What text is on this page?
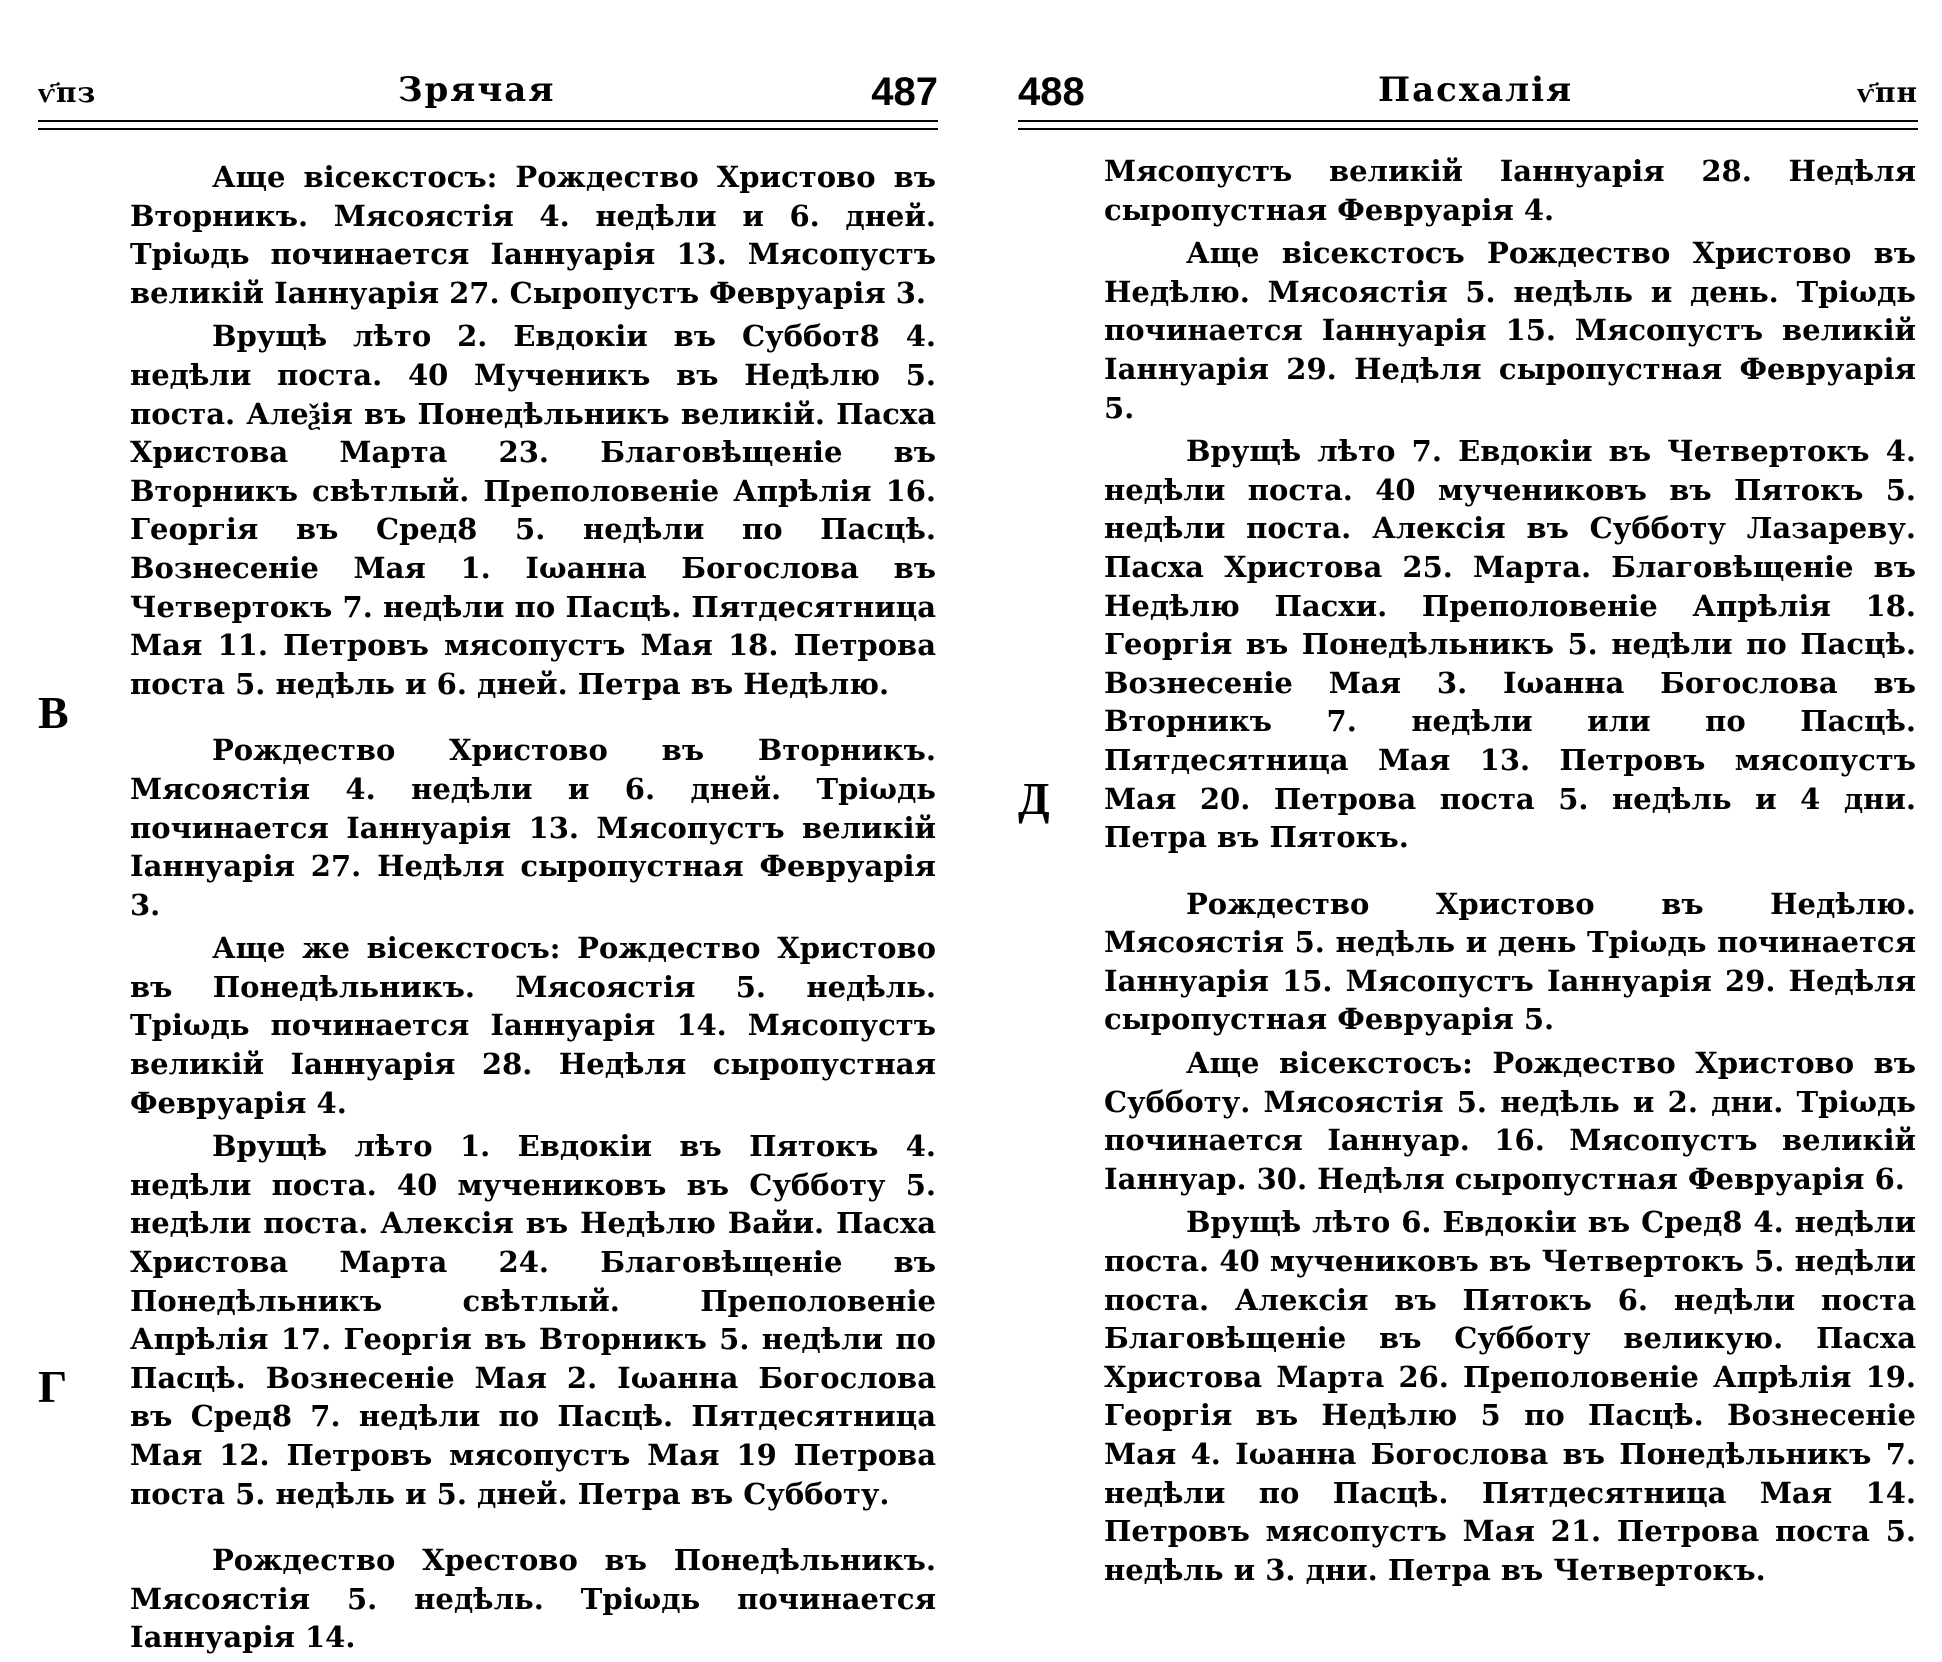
ѵ҃пз	Зрячая	487
В
Г

Аще вісекстосъ: Рождество Христово въ Вторникъ. Мясоястія 4. недѣли и 6. дней. Тріωдь починается Іаннуарія 13. Мясопустъ великій Іаннуарія 27. Сыропустъ Февруарія 3.

Врущѣ лѣто 2. Евдокіи въ Суббот8 4. недѣли поста. 40 Мученикъ въ Недѣлю 5. поста. Алеѯія въ Понедѣльникъ великій. Пасха Христова Марта 23. Благовѣщеніе въ Вторникъ свѣтлый. Преполовеніе Апрѣлія 16. Георгія въ Сред8 5. недѣли по Пасцѣ. Вознесеніе Мая 1. Іωанна Богослова въ Четвертокъ 7. недѣли по Пасцѣ. Пятдесятница Мая 11. Петровъ мясопустъ Мая 18. Петрова поста 5. недѣль и 6. дней. Петра въ Недѣлю.

Рождество Христово въ Вторникъ. Мясоястія 4. недѣли и 6. дней. Тріωдь починается Іаннуарія 13. Мясопустъ великій Іаннуарія 27. Недѣля сыропустная Февруарія 3.

Аще же вісекстосъ: Рождество Христово въ Понедѣльникъ. Мясоястія 5. недѣль. Тріωдь починается Іаннуарія 14. Мясопустъ великій Іаннуарія 28. Недѣля сыропустная Февруарія 4.

Врущѣ лѣто 1. Евдокіи въ Пятокъ 4. недѣли поста. 40 мучениковъ въ Субботу 5. недѣли поста. Алексія въ Недѣлю Вайи. Пасха Христова Марта 24. Благовѣщеніе въ Понедѣльникъ свѣтлый. Преполовеніе Апрѣлія 17. Георгія въ Вторникъ 5. недѣли по Пасцѣ. Вознесеніе Мая 2. Іωанна Богослова въ Сред8 7. недѣли по Пасцѣ. Пятдесятница Мая 12. Петровъ мясопустъ Мая 19 Петрова поста 5. недѣль и 5. дней. Петра въ Субботу.

Рождество Хрестово въ Понедѣльникъ. Мясоястія 5. недѣль. Тріωдь починается Іаннуарія 14.

488	Пасхалія	ѵ҃пн
Д

Мясопустъ великій Іаннуарія 28. Недѣля сыропустная Февруарія 4.

Аще вісекстосъ Рождество Христово въ Недѣлю. Мясоястія 5. недѣль и день. Тріωдь починается Іаннуарія 15. Мясопустъ великій Іаннуарія 29. Недѣля сыропустная Февруарія 5.

Врущѣ лѣто 7. Евдокіи въ Четвертокъ 4. недѣли поста. 40 мучениковъ въ Пятокъ 5. недѣли поста. Алексія въ Субботу Лазареву. Пасха Христова 25. Марта. Благовѣщеніе въ Недѣлю Пасхи. Преполовеніе Апрѣлія 18. Георгія въ Понедѣльникъ 5. недѣли по Пасцѣ. Вознесеніе Мая 3. Іωанна Богослова въ Вторникъ 7. недѣли или по Пасцѣ. Пятдесятница Мая 13. Петровъ мясопустъ Мая 20. Петрова поста 5. недѣль и 4 дни. Петра въ Пятокъ.

Рождество Христово въ Недѣлю. Мясоястія 5. недѣль и день Тріωдь починается Іаннуарія 15. Мясопустъ Іаннуарія 29. Недѣля сыропустная Февруарія 5.

Аще вісекстосъ: Рождество Христово въ Субботу. Мясоястія 5. недѣль и 2. дни. Тріωдь починается Іаннуар. 16. Мясопустъ великій Іаннуар. 30. Недѣля сыропустная Февруарія 6.

Врущѣ лѣто 6. Евдокіи въ Сред8 4. недѣли поста. 40 мучениковъ въ Четвертокъ 5. недѣли поста. Алексія въ Пятокъ 6. недѣли поста Благовѣщеніе въ Субботу великую. Пасха Христова Марта 26. Преполовеніе Апрѣлія 19. Георгія въ Недѣлю 5 по Пасцѣ. Вознесеніе Мая 4. Іωанна Богослова въ Понедѣльникъ 7. недѣли по Пасцѣ. Пятдесятница Мая 14. Петровъ мясопустъ Мая 21. Петрова поста 5. недѣль и 3. дни. Петра въ Четвертокъ.
